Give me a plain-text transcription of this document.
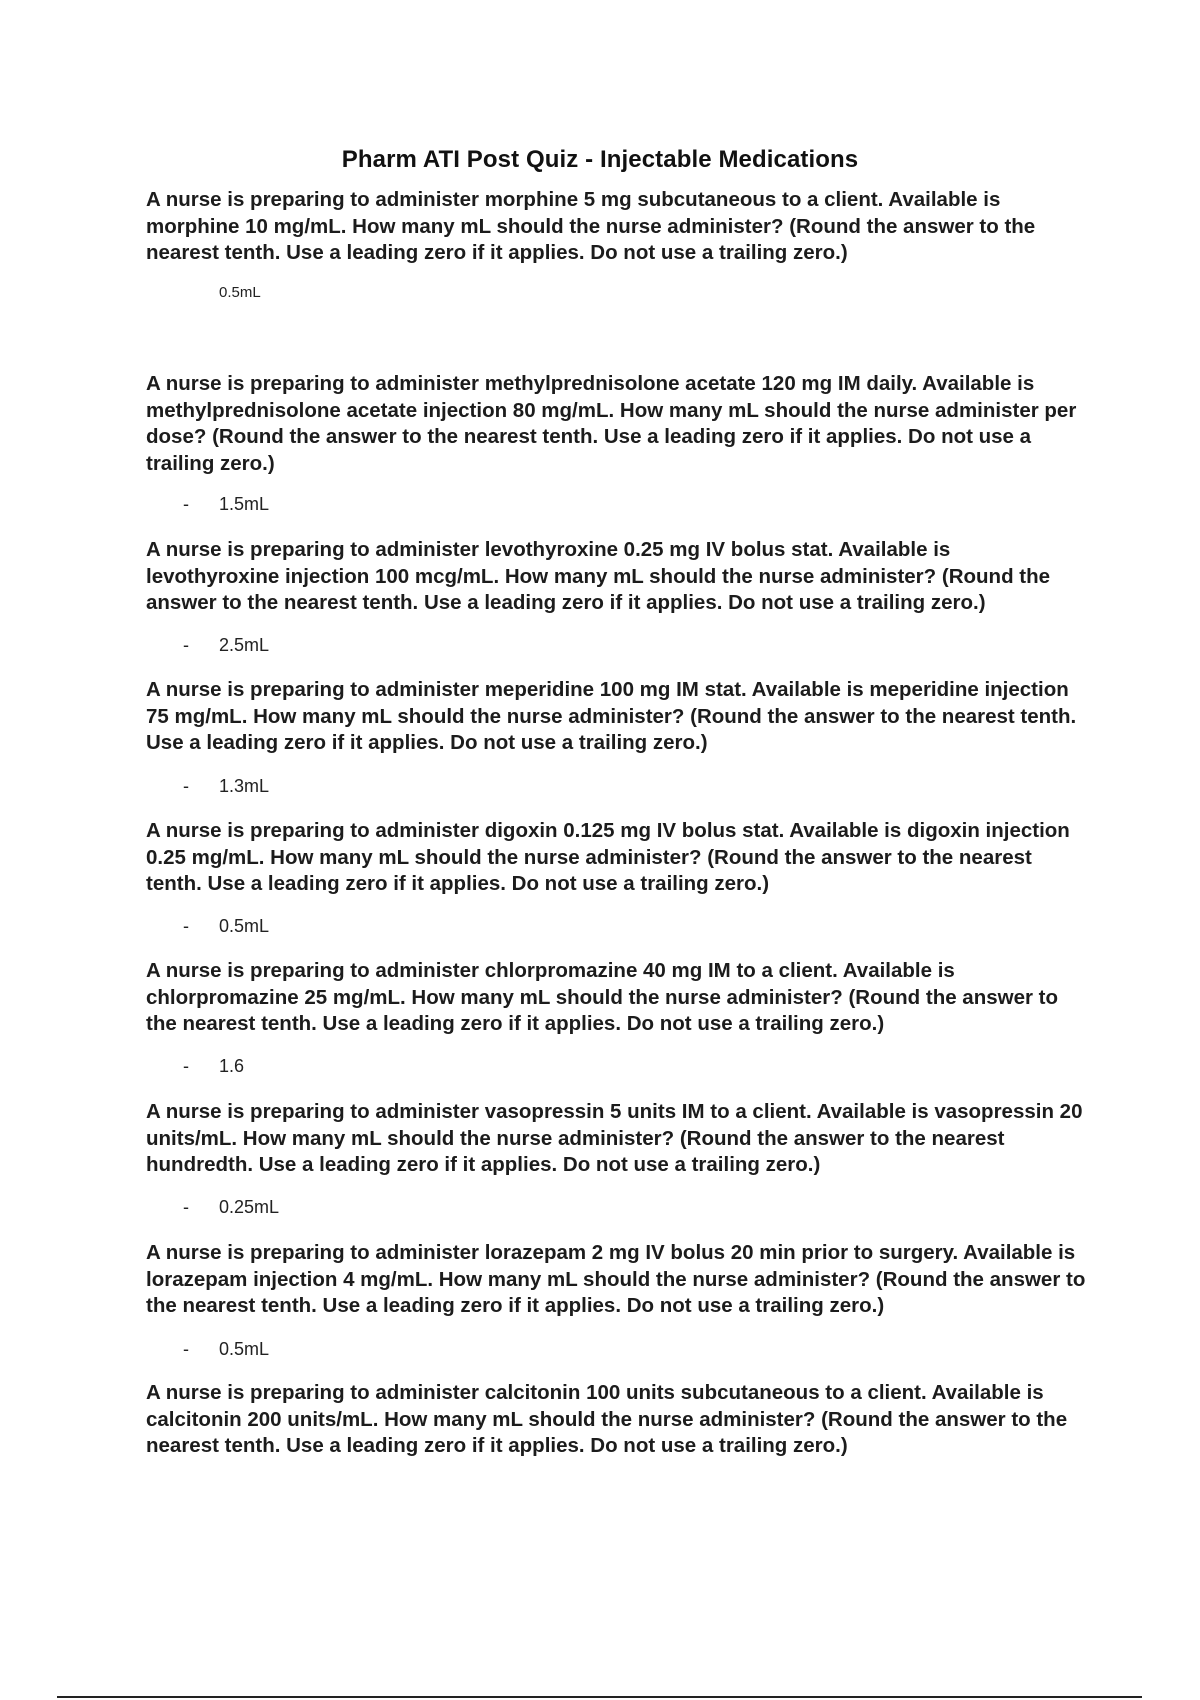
Pharm ATI Post Quiz - Injectable Medications
A nurse is preparing to administer morphine 5 mg subcutaneous to a client. Available is morphine 10 mg/mL. How many mL should the nurse administer? (Round the answer to the nearest tenth. Use a leading zero if it applies. Do not use a trailing zero.)
0.5mL
A nurse is preparing to administer methylprednisolone acetate 120 mg IM daily. Available is methylprednisolone acetate injection 80 mg/mL. How many mL should the nurse administer per dose? (Round the answer to the nearest tenth. Use a leading zero if it applies. Do not use a trailing zero.)
- 1.5mL
A nurse is preparing to administer levothyroxine 0.25 mg IV bolus stat. Available is levothyroxine injection 100 mcg/mL. How many mL should the nurse administer? (Round the answer to the nearest tenth. Use a leading zero if it applies. Do not use a trailing zero.)
- 2.5mL
A nurse is preparing to administer meperidine 100 mg IM stat. Available is meperidine injection 75 mg/mL. How many mL should the nurse administer? (Round the answer to the nearest tenth. Use a leading zero if it applies. Do not use a trailing zero.)
- 1.3mL
A nurse is preparing to administer digoxin 0.125 mg IV bolus stat. Available is digoxin injection 0.25 mg/mL. How many mL should the nurse administer? (Round the answer to the nearest tenth. Use a leading zero if it applies. Do not use a trailing zero.)
- 0.5mL
A nurse is preparing to administer chlorpromazine 40 mg IM to a client. Available is chlorpromazine 25 mg/mL. How many mL should the nurse administer? (Round the answer to the nearest tenth. Use a leading zero if it applies. Do not use a trailing zero.)
- 1.6
A nurse is preparing to administer vasopressin 5 units IM to a client. Available is vasopressin 20 units/mL. How many mL should the nurse administer? (Round the answer to the nearest hundredth. Use a leading zero if it applies. Do not use a trailing zero.)
- 0.25mL
A nurse is preparing to administer lorazepam 2 mg IV bolus 20 min prior to surgery. Available is lorazepam injection 4 mg/mL. How many mL should the nurse administer? (Round the answer to the nearest tenth. Use a leading zero if it applies. Do not use a trailing zero.)
- 0.5mL
A nurse is preparing to administer calcitonin 100 units subcutaneous to a client. Available is calcitonin 200 units/mL. How many mL should the nurse administer? (Round the answer to the nearest tenth. Use a leading zero if it applies. Do not use a trailing zero.)
